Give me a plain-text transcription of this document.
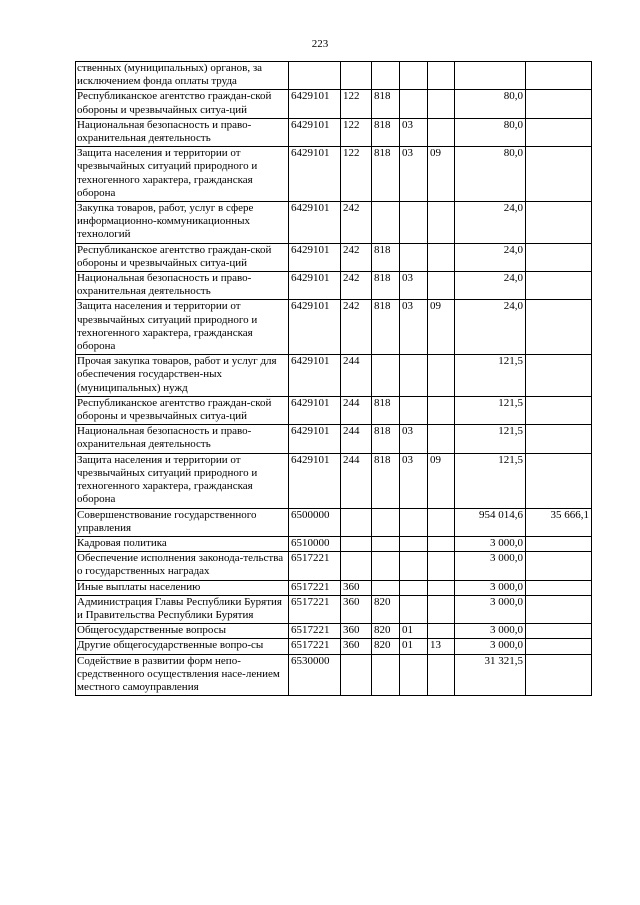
223
ственных (муниципальных) органов, за исключением фонда оплаты труда							
Республиканское агентство граждан-ской обороны и чрезвычайных ситуа-ций	6429101	122	818			80,0	
Национальная безопасность и право-охранительная деятельность	6429101	122	818	03		80,0	
Защита населения и территории от чрезвычайных ситуаций природного и техногенного характера, гражданская оборона	6429101	122	818	03	09	80,0	
Закупка товаров, работ, услуг в сфере информационно-коммуникационных технологий	6429101	242				24,0	
Республиканское агентство граждан-ской обороны и чрезвычайных ситуа-ций	6429101	242	818			24,0	
Национальная безопасность и право-охранительная деятельность	6429101	242	818	03		24,0	
Защита населения и территории от чрезвычайных ситуаций природного и техногенного характера, гражданская оборона	6429101	242	818	03	09	24,0	
Прочая закупка товаров, работ и услуг для обеспечения государствен-ных (муниципальных) нужд	6429101	244				121,5	
Республиканское агентство граждан-ской обороны и чрезвычайных ситуа-ций	6429101	244	818			121,5	
Национальная безопасность и право-охранительная деятельность	6429101	244	818	03		121,5	
Защита населения и территории от чрезвычайных ситуаций природного и техногенного характера, гражданская оборона	6429101	244	818	03	09	121,5	
Совершенствование государственного управления	6500000					954 014,6	35 666,1
Кадровая политика	6510000					3 000,0	
Обеспечение исполнения законода-тельства о государственных наградах	6517221					3 000,0	
Иные выплаты населению	6517221	360				3 000,0	
Администрация Главы Республики Бурятия и Правительства Республики Бурятия	6517221	360	820			3 000,0	
Общегосударственные вопросы	6517221	360	820	01		3 000,0	
Другие общегосударственные вопро-сы	6517221	360	820	01	13	3 000,0	
Содействие в развитии форм непо-средственного осуществления насе-лением местного самоуправления	6530000					31 321,5	
